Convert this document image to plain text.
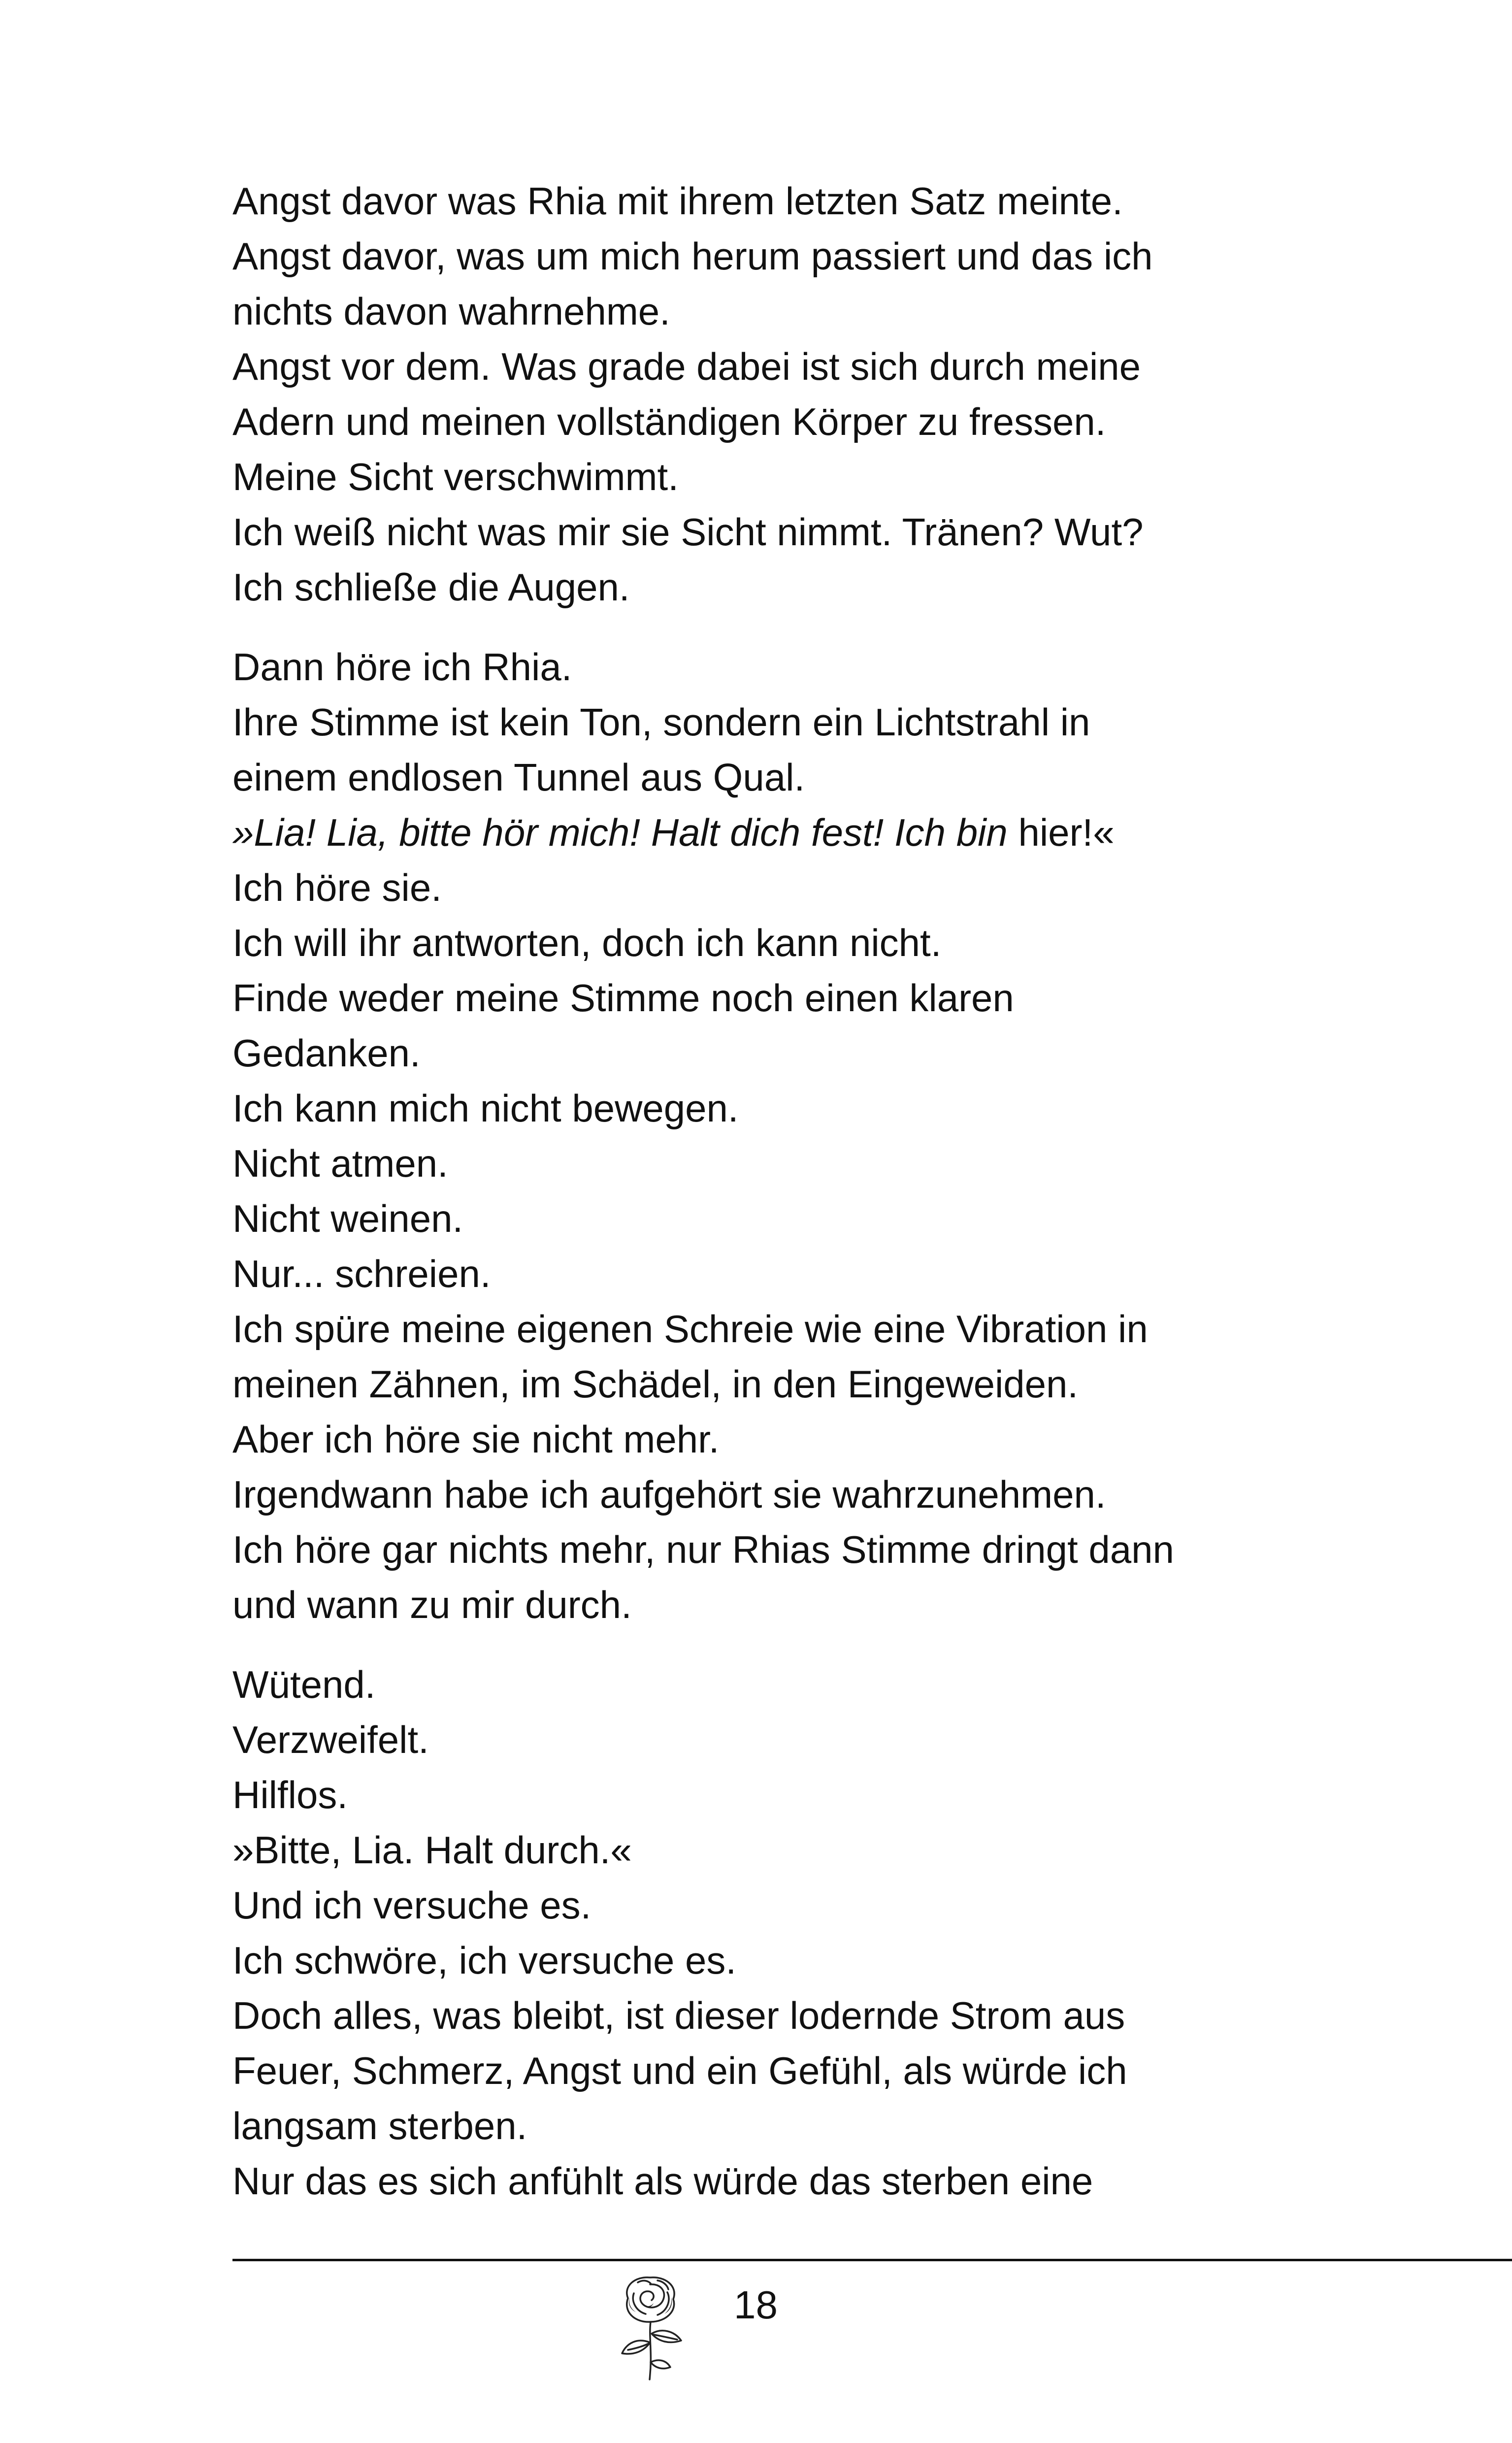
Angst davor was Rhia mit ihrem letzten Satz meinte.
Angst davor, was um mich herum passiert und das ich
nichts davon wahrnehme.
Angst vor dem. Was grade dabei ist sich durch meine
Adern und meinen vollständigen Körper zu fressen.
Meine Sicht verschwimmt.
Ich weiß nicht was mir sie Sicht nimmt. Tränen? Wut?
Ich schließe die Augen.
Dann höre ich Rhia.
Ihre Stimme ist kein Ton, sondern ein Lichtstrahl in
einem endlosen Tunnel aus Qual.
»Lia! Lia, bitte hör mich! Halt dich fest! Ich bin hier!«
Ich höre sie.
Ich will ihr antworten, doch ich kann nicht.
Finde weder meine Stimme noch einen klaren
Gedanken.
Ich kann mich nicht bewegen.
Nicht atmen.
Nicht weinen.
Nur... schreien.
Ich spüre meine eigenen Schreie wie eine Vibration in
meinen Zähnen, im Schädel, in den Eingeweiden.
Aber ich höre sie nicht mehr.
Irgendwann habe ich aufgehört sie wahrzunehmen.
Ich höre gar nichts mehr, nur Rhias Stimme dringt dann
und wann zu mir durch.
Wütend.
Verzweifelt.
Hilflos.
»Bitte, Lia. Halt durch.«
Und ich versuche es.
Ich schwöre, ich versuche es.
Doch alles, was bleibt, ist dieser lodernde Strom aus
Feuer, Schmerz, Angst und ein Gefühl, als würde ich
langsam sterben.
Nur das es sich anfühlt als würde das sterben eine
18
